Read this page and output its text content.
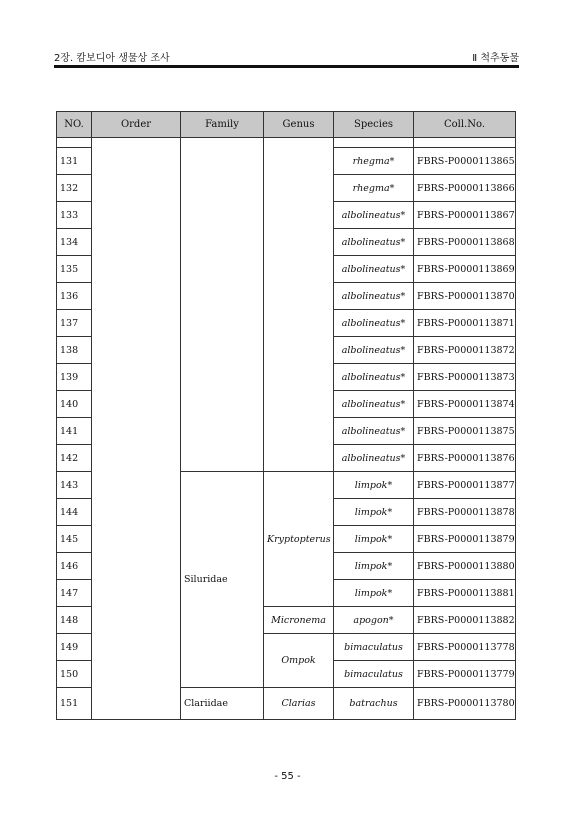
2장. 캄보디아 생물상 조사	Ⅱ 척추동물
NO.	Order	Family	Genus	Species	Coll.No.

131				rhegma*	FBRS-P0000113865
132				rhegma*	FBRS-P0000113866
133				albolineatus*	FBRS-P0000113867
134				albolineatus*	FBRS-P0000113868
135				albolineatus*	FBRS-P0000113869
136				albolineatus*	FBRS-P0000113870
137				albolineatus*	FBRS-P0000113871
138				albolineatus*	FBRS-P0000113872
139				albolineatus*	FBRS-P0000113873
140				albolineatus*	FBRS-P0000113874
141				albolineatus*	FBRS-P0000113875
142				albolineatus*	FBRS-P0000113876
143		Siluridae	Kryptopterus	limpok*	FBRS-P0000113877
144				limpok*	FBRS-P0000113878
145				limpok*	FBRS-P0000113879
146				limpok*	FBRS-P0000113880
147				limpok*	FBRS-P0000113881
148			Micronema	apogon*	FBRS-P0000113882
149			Ompok	bimaculatus	FBRS-P0000113778
150				bimaculatus	FBRS-P0000113779
151		Clariidae	Clarias	batrachus	FBRS-P0000113780
- 55 -
